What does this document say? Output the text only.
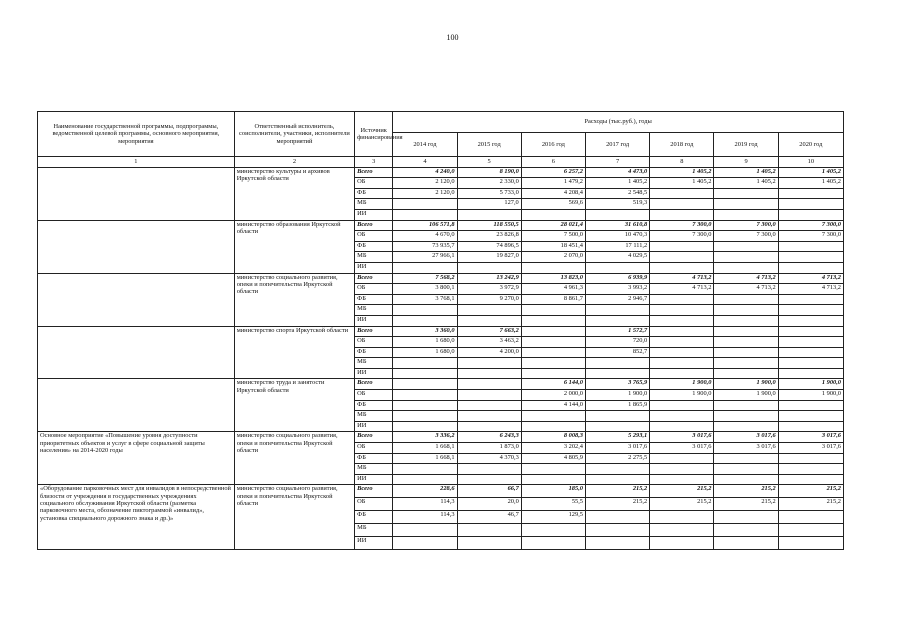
100
Наименование государственной программы, подпрограммы, ведомственной целевой программы, основного мероприятия, мероприятия	Ответственный исполнитель, соисполнители, участники, исполнители мероприятий	Источник финансирования	Расходы (тыс.руб.), годы						
			2014 год	2015 год	2016 год	2017 год	2018 год	2019 год	2020 год
1	2	3	4	5	6	7	8	9	10
	министерство культуры и архивов Иркутской области	Всего	4 240,0	8 190,0	6 257,2	4 473,0	1 405,2	1 405,2	1 405,2
		ОБ	2 120,0	2 330,0	1 479,2	1 405,2	1 405,2	1 405,2	1 405,2
		ФБ	2 120,0	5 733,0	4 208,4	2 548,5			
		МБ		127,0	569,6	519,3			
		ИИ							
	министерство образования Иркутской области	Всего	106 571,8	118 550,5	28 021,4	31 610,8	7 300,0	7 300,0	7 300,0
		ОБ	4 670,0	23 826,8	7 500,0	10 470,3	7 300,0	7 300,0	7 300,0
		ФБ	73 935,7	74 896,5	18 451,4	17 111,2			
		МБ	27 966,1	19 827,0	2 070,0	4 029,5			
		ИИ							
	министерство социального развития, опеки и попечительства Иркутской области	Всего	7 568,2	13 242,9	13 823,0	6 939,9	4 713,2	4 713,2	4 713,2
		ОБ	3 800,1	3 972,9	4 961,3	3 993,2	4 713,2	4 713,2	4 713,2
		ФБ	3 768,1	9 270,0	8 861,7	2 946,7			
		МБ							
		ИИ							
	министерство спорта Иркутской области	Всего	3 360,0	7 663,2		1 572,7			
		ОБ	1 680,0	3 463,2		720,0			
		ФБ	1 680,0	4 200,0		852,7			
		МБ							
		ИИ							
	министерство труда и занятости Иркутской области	Всего			6 144,0	3 765,9	1 900,0	1 900,0	1 900,0
		ОБ			2 000,0	1 900,0	1 900,0	1 900,0	1 900,0
		ФБ			4 144,0	1 865,9			
		МБ							
		ИИ							
Основное мероприятие «Повышение уровня доступности приоритетных объектов и услуг в сфере социальной защиты населения» на 2014-2020 годы	министерство социального развития, опеки и попечительства Иркутской области	Всего	3 336,2	6 243,3	8 008,3	5 293,1	3 017,6	3 017,6	3 017,6
		ОБ	1 668,1	1 873,0	3 202,4	3 017,6	3 017,6	3 017,6	3 017,6
		ФБ	1 668,1	4 370,3	4 805,9	2 275,5			
		МБ							
		ИИ							
«Оборудование парковочных мест для инвалидов в непосредственной близости от учреждения в государственных учреждениях социального обслуживания Иркутской области (разметка парковочного места, обозначение пиктограммой «инвалид», установка специального дорожного знака и др.)»	министерство социального развития, опеки и попечительства Иркутской области	Всего	228,6	66,7	185,0	215,2	215,2	215,2	215,2
		ОБ	114,3	20,0	55,5	215,2	215,2	215,2	215,2
		ФБ	114,3	46,7	129,5				
		МБ							
		ИИ							
